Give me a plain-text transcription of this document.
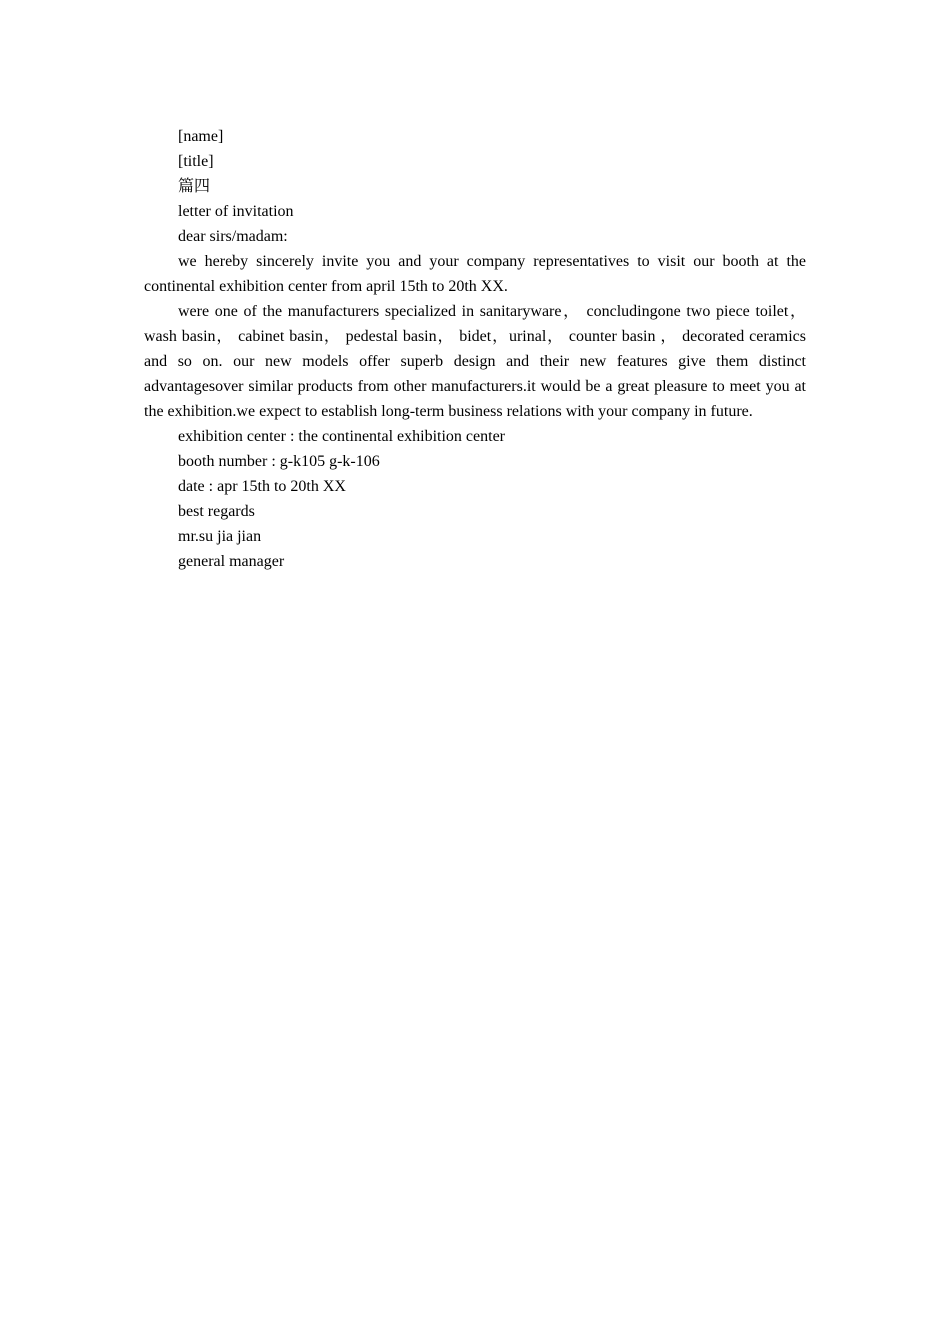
[name]

[title]

篇四

letter of invitation

dear sirs/madam:

we hereby sincerely invite you and your company representatives to visit our booth at the continental exhibition center from april 15th to 20th XX.

were one of the manufacturers specialized in sanitaryware， concludingone two piece toilet， wash basin， cabinet basin， pedestal basin， bidet，urinal， counter basin ， decorated ceramics and so on. our new models offer superb design and their new features give them distinct advantagesover similar products from other manufacturers.it would be a great pleasure to meet you at the exhibition.we expect to establish long-term business relations with your company in future.

exhibition center : the continental exhibition center

booth number : g-k105 g-k-106

date : apr 15th to 20th XX

best regards

mr.su jia jian

general manager
